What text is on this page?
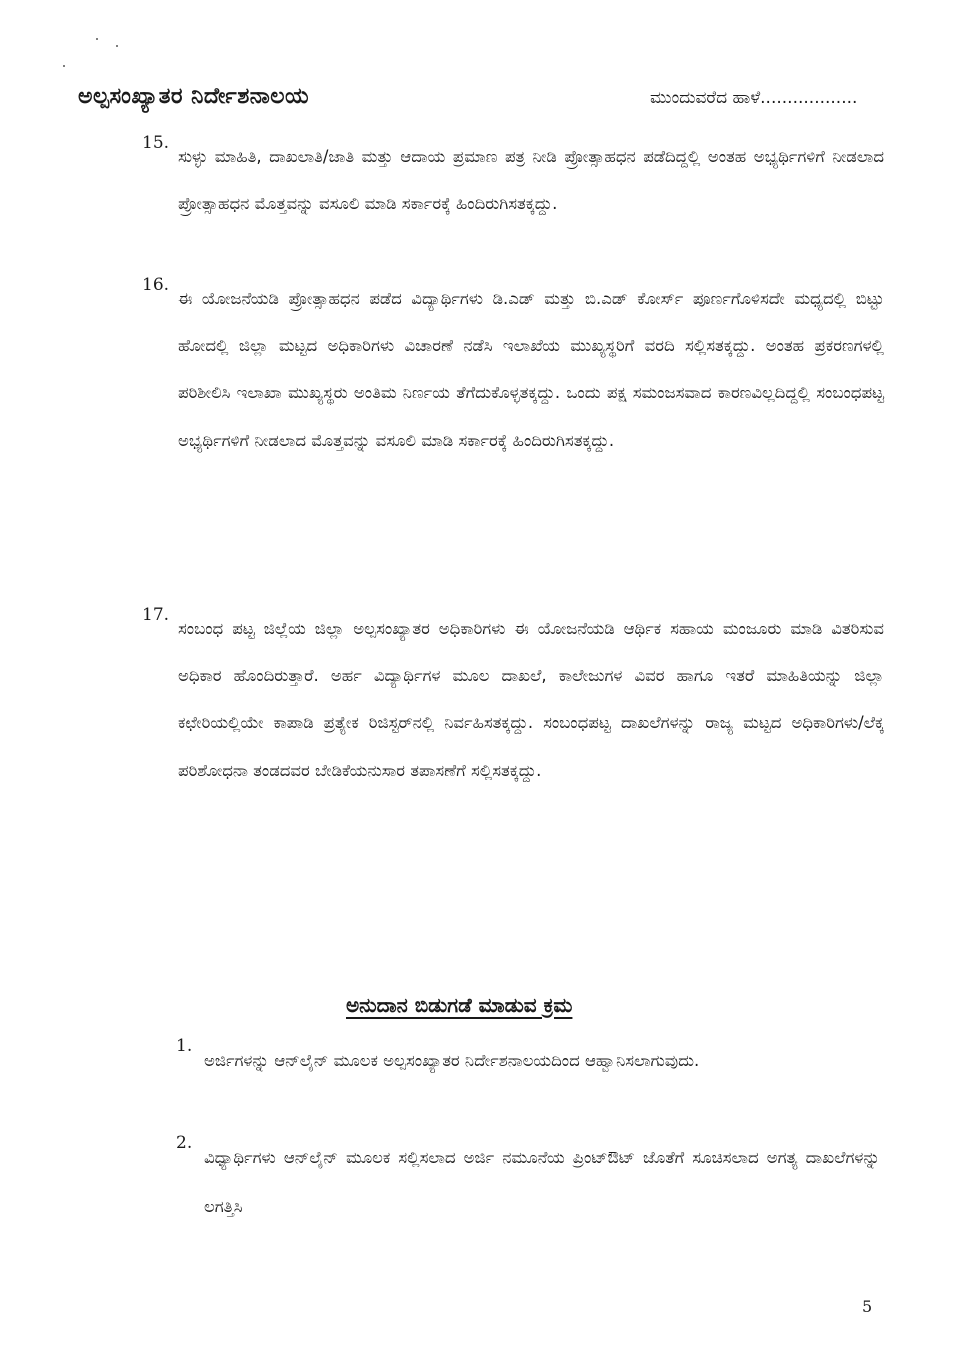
ಅಲ್ಪಸಂಖ್ಯಾತರ ನಿರ್ದೇಶನಾಲಯ	ಮುಂದುವರೆದ ಹಾಳೆ..................
15.
ಸುಳ್ಳು ಮಾಹಿತಿ, ದಾಖಲಾತಿ/ಜಾತಿ ಮತ್ತು ಆದಾಯ ಪ್ರಮಾಣ ಪತ್ರ ನೀಡಿ ಪ್ರೋತ್ಸಾಹಧನ ಪಡೆದಿದ್ದಲ್ಲಿ ಅಂತಹ ಅಭ್ಯರ್ಥಿಗಳಿಗೆ ನೀಡಲಾದ ಪ್ರೋತ್ಸಾಹಧನ ಮೊತ್ತವನ್ನು ವಸೂಲಿ ಮಾಡಿ ಸರ್ಕಾರಕ್ಕೆ ಹಿಂದಿರುಗಿಸತಕ್ಕದ್ದು.
16.
ಈ ಯೋಜನೆಯಡಿ ಪ್ರೋತ್ಸಾಹಧನ ಪಡೆದ ವಿದ್ಯಾರ್ಥಿಗಳು ಡಿ.ಎಡ್ ಮತ್ತು ಬಿ.ಎಡ್ ಕೋರ್ಸ್ ಪೂರ್ಣಗೊಳಿಸದೇ ಮಧ್ಯದಲ್ಲಿ ಬಿಟ್ಟು ಹೋದಲ್ಲಿ ಜಿಲ್ಲಾ ಮಟ್ಟದ ಅಧಿಕಾರಿಗಳು ವಿಚಾರಣೆ ನಡೆಸಿ ಇಲಾಖೆಯ ಮುಖ್ಯಸ್ಥರಿಗೆ ವರದಿ ಸಲ್ಲಿಸತಕ್ಕದ್ದು. ಅಂತಹ ಪ್ರಕರಣಗಳಲ್ಲಿ ಪರಿಶೀಲಿಸಿ ಇಲಾಖಾ ಮುಖ್ಯಸ್ಥರು ಅಂತಿಮ ನಿರ್ಣಯ ತೆಗೆದುಕೊಳ್ಳತಕ್ಕದ್ದು. ಒಂದು ಪಕ್ಷ ಸಮಂಜಸವಾದ ಕಾರಣವಿಲ್ಲದಿದ್ದಲ್ಲಿ ಸಂಬಂಧಪಟ್ಟ ಅಭ್ಯರ್ಥಿಗಳಿಗೆ ನೀಡಲಾದ ಮೊತ್ತವನ್ನು ವಸೂಲಿ ಮಾಡಿ ಸರ್ಕಾರಕ್ಕೆ ಹಿಂದಿರುಗಿಸತಕ್ಕದ್ದು.
17.
ಸಂಬಂಧ ಪಟ್ಟ ಜಿಲ್ಲೆಯ ಜಿಲ್ಲಾ ಅಲ್ಪಸಂಖ್ಯಾತರ ಅಧಿಕಾರಿಗಳು ಈ ಯೋಜನೆಯಡಿ ಆರ್ಥಿಕ ಸಹಾಯ ಮಂಜೂರು ಮಾಡಿ ವಿತರಿಸುವ ಅಧಿಕಾರ ಹೊಂದಿರುತ್ತಾರೆ. ಅರ್ಹ ವಿದ್ಯಾರ್ಥಿಗಳ ಮೂಲ ದಾಖಲೆ, ಕಾಲೇಜುಗಳ ವಿವರ ಹಾಗೂ ಇತರೆ ಮಾಹಿತಿಯನ್ನು ಜಿಲ್ಲಾ ಕಛೇರಿಯಲ್ಲಿಯೇ ಕಾಪಾಡಿ ಪ್ರತ್ಯೇಕ ರಿಜಿಸ್ಟರ್‌ನಲ್ಲಿ ನಿರ್ವಹಿಸತಕ್ಕದ್ದು. ಸಂಬಂಧಪಟ್ಟ ದಾಖಲೆಗಳನ್ನು ರಾಜ್ಯ ಮಟ್ಟದ ಅಧಿಕಾರಿಗಳು/ಲೆಕ್ಕ ಪರಿಶೋಧನಾ ತಂಡದವರ ಬೇಡಿಕೆಯನುಸಾರ ತಪಾಸಣೆಗೆ ಸಲ್ಲಿಸತಕ್ಕದ್ದು.
ಅನುದಾನ ಬಿಡುಗಡೆ ಮಾಡುವ ಕ್ರಮ
1.
ಅರ್ಜಿಗಳನ್ನು ಆನ್‌ಲೈನ್ ಮೂಲಕ ಅಲ್ಪಸಂಖ್ಯಾತರ ನಿರ್ದೇಶನಾಲಯದಿಂದ ಆಹ್ವಾನಿಸಲಾಗುವುದು.
2.
ವಿಧ್ಯಾರ್ಥಿಗಳು ಆನ್‌ಲೈನ್ ಮೂಲಕ ಸಲ್ಲಿಸಲಾದ ಅರ್ಜಿ ನಮೂನೆಯ ಪ್ರಿಂಟ್‌ಔಟ್ ಜೊತೆಗೆ ಸೂಚಿಸಲಾದ ಅಗತ್ಯ ದಾಖಲೆಗಳನ್ನು ಲಗತ್ತಿಸಿ
5
